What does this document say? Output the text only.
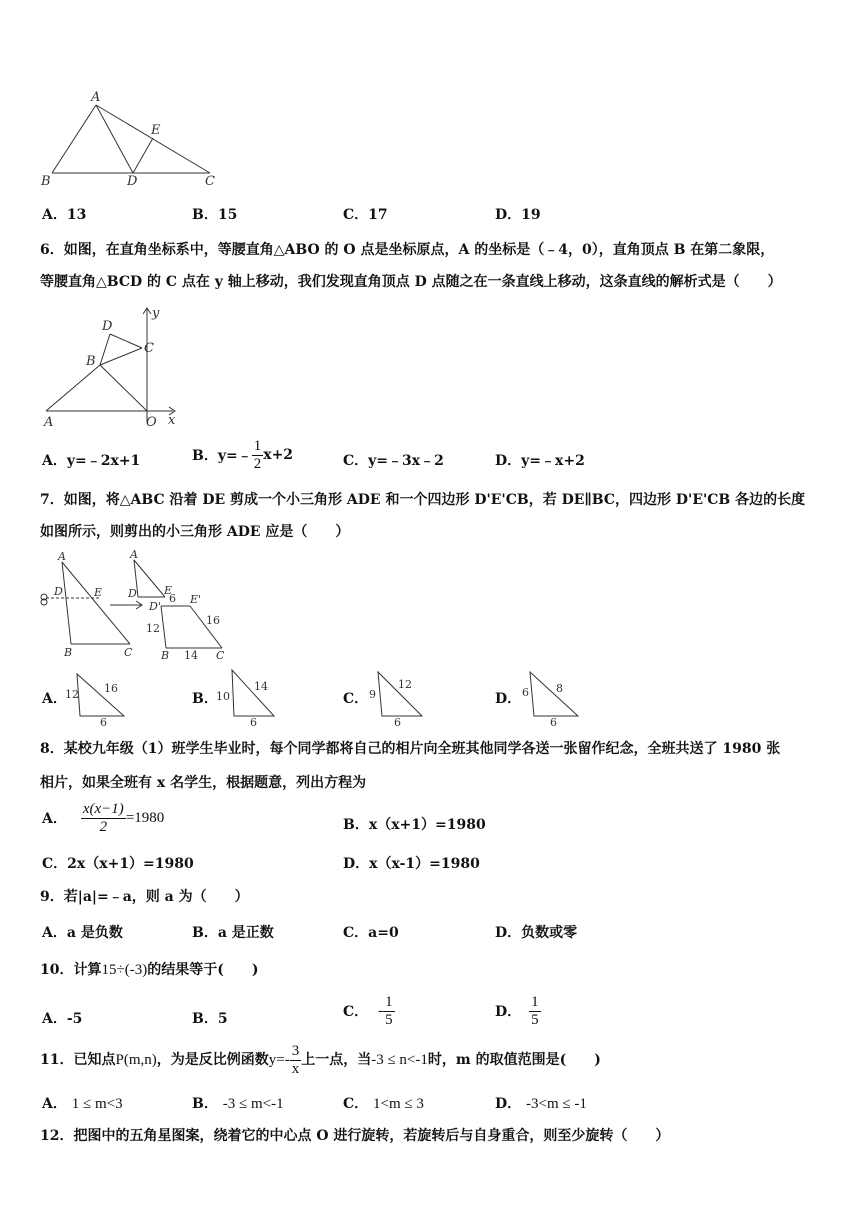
A
E
B	D	C
A．13	B．15	C．17	D．19
6．如图，在直角坐标系中，等腰直角△ABO 的 O 点是坐标原点，A 的坐标是（﹣4，0），直角顶点 B 在第二象限，
等腰直角△BCD 的 C 点在 y 轴上移动，我们发现直角顶点 D 点随之在一条直线上移动，这条直线的解析式是（　　）
D
y
B
C
A	O x
A．y=﹣2x+1	B． y=﹣ $\frac{1}{2} x+2$	C．y=﹣3x﹣2	D．y=﹣x+2
7．如图，将△ABC 沿着 DE 剪成一个小三角形 ADE 和一个四边形 D'E'CB，若 DE∥BC，四边形 D'E'CB 各边的长度
如图所示，则剪出的小三角形 ADE 应是（　　）
A
D	E
B	C
A
D E
D'
E'
B	C
6
12
16
14
A．
12 16
6
B．
10
14
6
C． 9
12
6
D． 6 8
6
8．某校九年级（1）班学生毕业时，每个同学都将自己的相片向全班其他同学各送一张留作纪念，全班共送了 1980 张
相片，如果全班有 x 名学生，根据题意，列出方程为
A． $\frac{x(x-1)}{2} =1980$	B．x（x+1）=1980
C．2x（x+1）=1980	D．x（x-1）=1980
9．若|a|=﹣a，则 a 为（　　）
A．a 是负数	B．a 是正数	C．a=0	D．负数或零
10．计算15÷(-3)的结果等于(　　)
A．-5	B．5	C． - $\frac{1}{5}$	D． $\frac{1}{5}$
11．已知点 P(m,n) ，为是反比例函数 $y=- \frac{3}{x}$ 上一点，当 -3 ≤ n<-1 时，m 的取值范围是(　　)
A． 1 ≤ m<3	B． -3 ≤ m<-1	C． 1<m ≤ 3	D． -3<m ≤ -1
12．把图中的五角星图案，绕着它的中心点 O 进行旋转，若旋转后与自身重合，则至少旋转（　　）
